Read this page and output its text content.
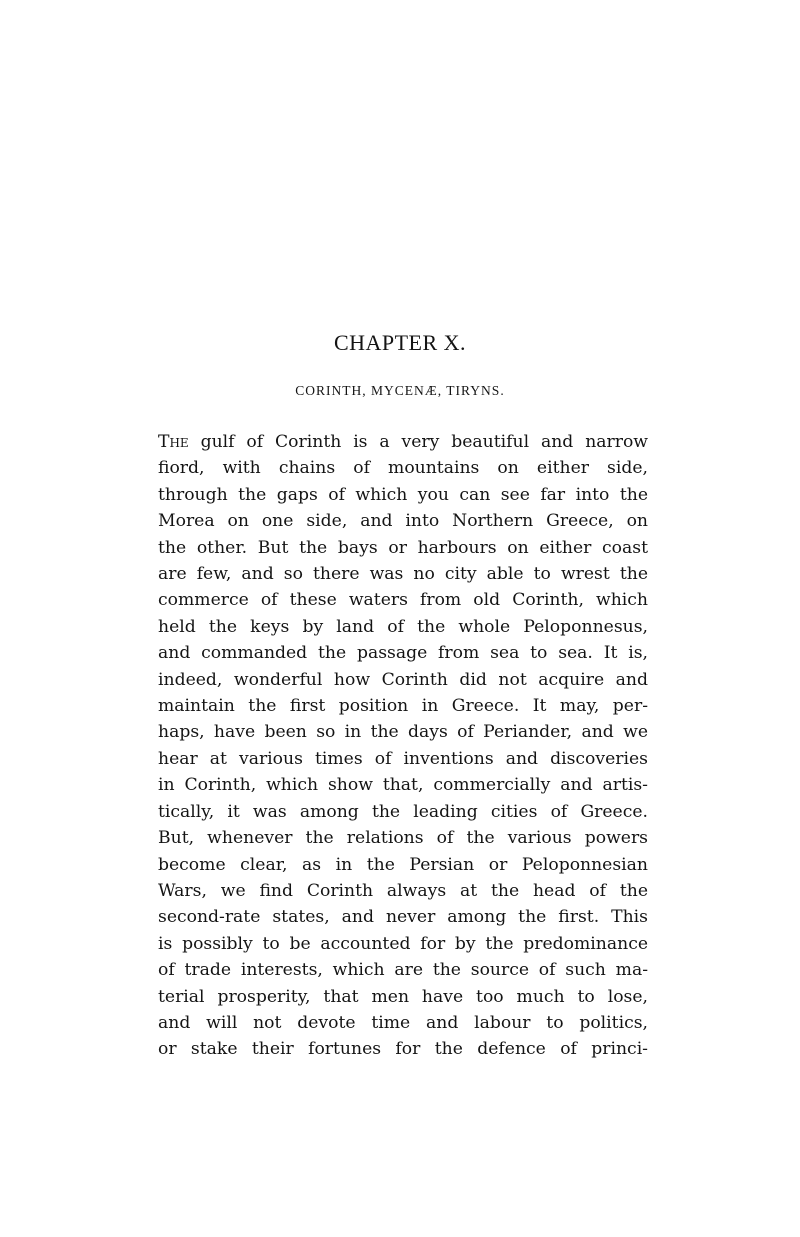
CHAPTER X.
CORINTH, MYCENÆ, TIRYNS.
The gulf of Corinth is a very beautiful and narrow
fiord, with chains of mountains on either side,
through the gaps of which you can see far into the
Morea on one side, and into Northern Greece, on
the other. But the bays or harbours on either coast
are few, and so there was no city able to wrest the
commerce of these waters from old Corinth, which
held the keys by land of the whole Peloponnesus,
and commanded the passage from sea to sea. It is,
indeed, wonderful how Corinth did not acquire and
maintain the first position in Greece. It may, per-
haps, have been so in the days of Periander, and we
hear at various times of inventions and discoveries
in Corinth, which show that, commercially and artis-
tically, it was among the leading cities of Greece.
But, whenever the relations of the various powers
become clear, as in the Persian or Peloponnesian
Wars, we find Corinth always at the head of the
second-rate states, and never among the first. This
is possibly to be accounted for by the predominance
of trade interests, which are the source of such ma-
terial prosperity, that men have too much to lose,
and will not devote time and labour to politics,
or stake their fortunes for the defence of princi-
